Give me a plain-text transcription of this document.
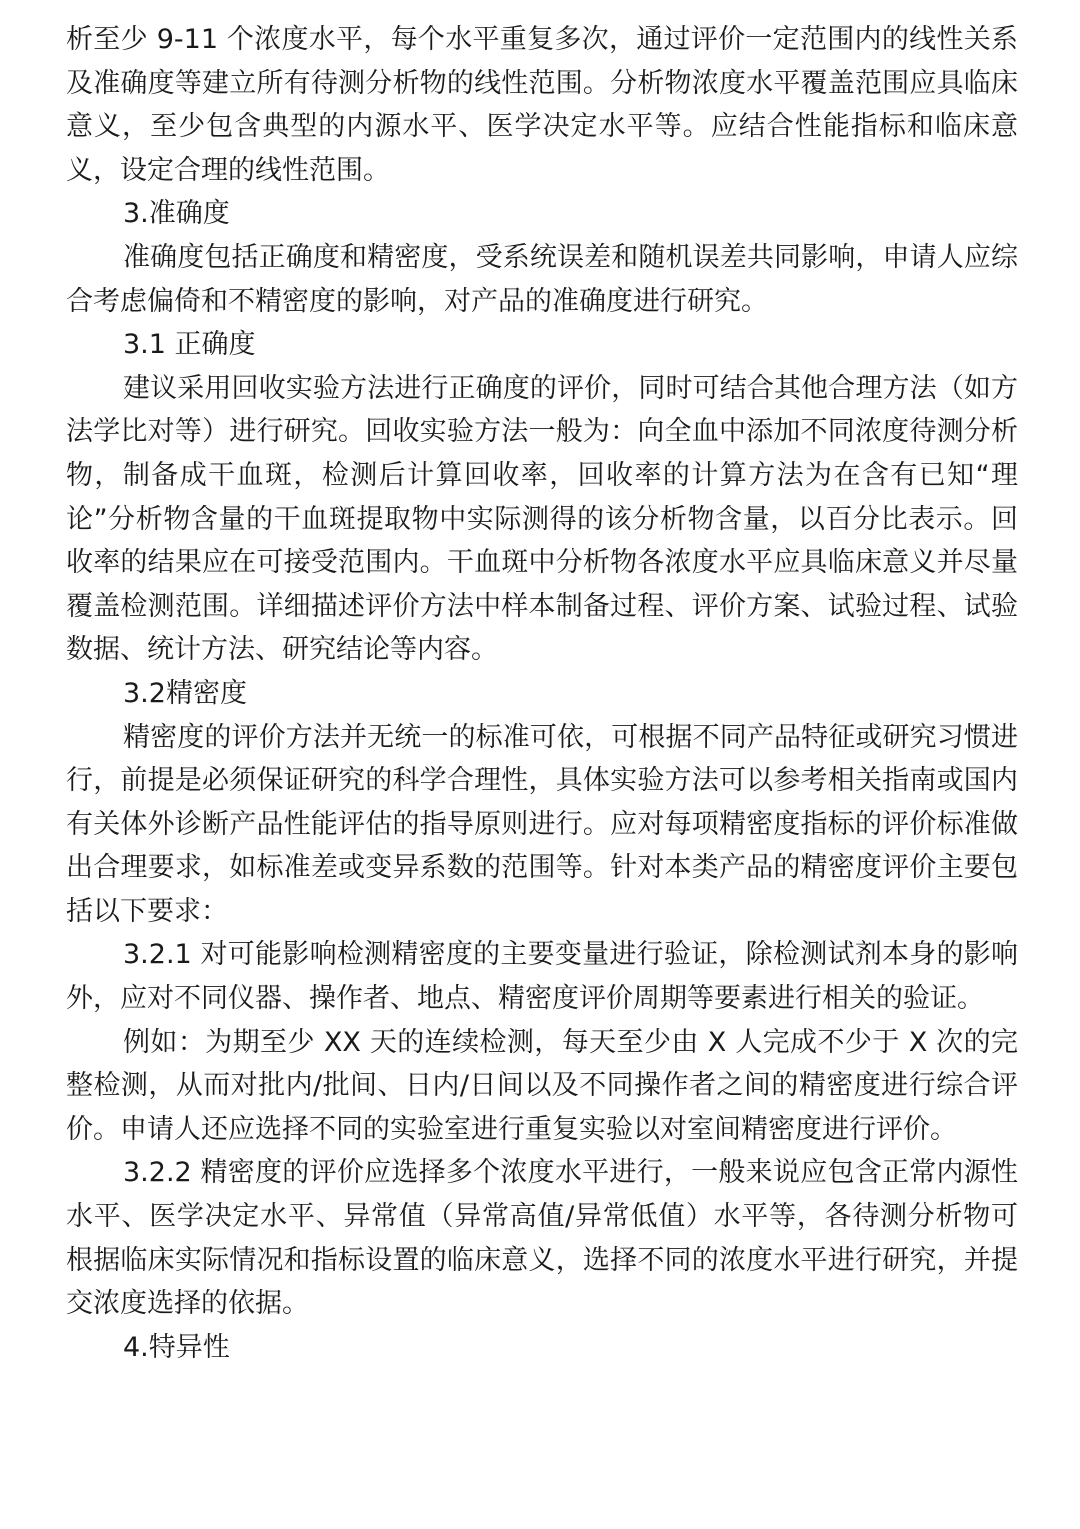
析至少 9-11 个浓度水平，每个水平重复多次，通过评价一定范围内的线性关系及准确度等建立所有待测分析物的线性范围。分析物浓度水平覆盖范围应具临床意义，至少包含典型的内源水平、医学决定水平等。应结合性能指标和临床意义，设定合理的线性范围。

3.准确度

准确度包括正确度和精密度，受系统误差和随机误差共同影响，申请人应综合考虑偏倚和不精密度的影响，对产品的准确度进行研究。

3.1 正确度

建议采用回收实验方法进行正确度的评价，同时可结合其他合理方法（如方法学比对等）进行研究。回收实验方法一般为：向全血中添加不同浓度待测分析物，制备成干血斑，检测后计算回收率，回收率的计算方法为在含有已知“理论”分析物含量的干血斑提取物中实际测得的该分析物含量，以百分比表示。回收率的结果应在可接受范围内。干血斑中分析物各浓度水平应具临床意义并尽量覆盖检测范围。详细描述评价方法中样本制备过程、评价方案、试验过程、试验数据、统计方法、研究结论等内容。

3.2精密度

精密度的评价方法并无统一的标准可依，可根据不同产品特征或研究习惯进行，前提是必须保证研究的科学合理性，具体实验方法可以参考相关指南或国内有关体外诊断产品性能评估的指导原则进行。应对每项精密度指标的评价标准做出合理要求，如标准差或变异系数的范围等。针对本类产品的精密度评价主要包括以下要求：

3.2.1 对可能影响检测精密度的主要变量进行验证，除检测试剂本身的影响外，应对不同仪器、操作者、地点、精密度评价周期等要素进行相关的验证。

例如：为期至少 XX 天的连续检测，每天至少由 X 人完成不少于 X 次的完整检测，从而对批内/批间、日内/日间以及不同操作者之间的精密度进行综合评价。申请人还应选择不同的实验室进行重复实验以对室间精密度进行评价。

3.2.2 精密度的评价应选择多个浓度水平进行，一般来说应包含正常内源性水平、医学决定水平、异常值（异常高值/异常低值）水平等，各待测分析物可根据临床实际情况和指标设置的临床意义，选择不同的浓度水平进行研究，并提交浓度选择的依据。

4.特异性
